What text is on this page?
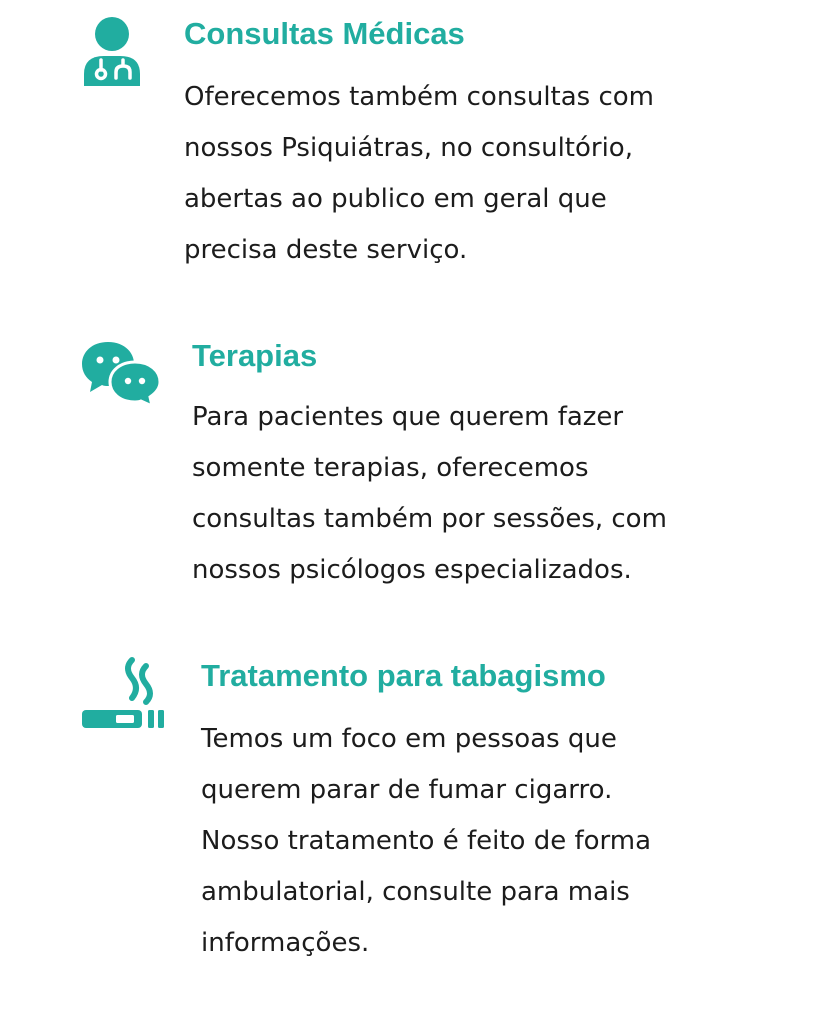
Consultas Médicas

Oferecemos também consultas com
nossos Psiquiátras, no consultório,
abertas ao publico em geral que
precisa deste serviço.

Terapias

Para pacientes que querem fazer
somente terapias, oferecemos
consultas também por sessões, com
nossos psicólogos especializados.

Tratamento para tabagismo

Temos um foco em pessoas que
querem parar de fumar cigarro.
Nosso tratamento é feito de forma
ambulatorial, consulte para mais
informações.
